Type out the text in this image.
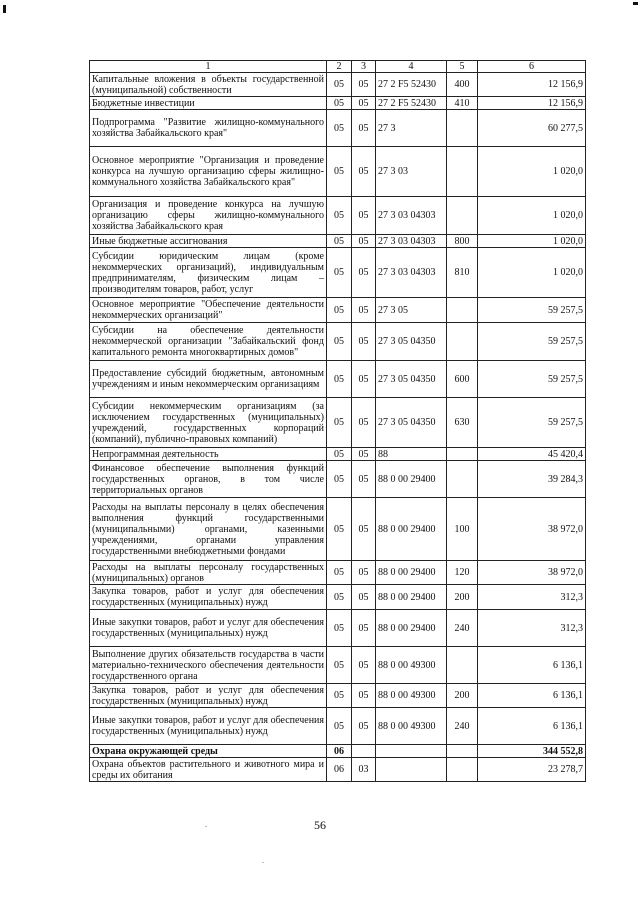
1	2	3	4	5	6
Капитальные вложения в объекты государственной (муниципальной) собственности	05	05	27 2 F5 52430	400	12 156,9
Бюджетные инвестиции	05	05	27 2 F5 52430	410	12 156,9
Подпрограмма "Развитие жилищно-коммунального хозяйства Забайкальского края"	05	05	27 3		60 277,5
Основное мероприятие "Организация и проведение конкурса на лучшую организацию сферы жилищно-коммунального хозяйства Забайкальского края"	05	05	27 3 03		1 020,0
Организация и проведение конкурса на лучшую организацию сферы жилищно-коммунального хозяйства Забайкальского края	05	05	27 3 03 04303		1 020,0
Иные бюджетные ассигнования	05	05	27 3 03 04303	800	1 020,0
Субсидии юридическим лицам (кроме некоммерческих организаций), индивидуальным предпринимателям, физическим лицам – производителям товаров, работ, услуг	05	05	27 3 03 04303	810	1 020,0
Основное мероприятие "Обеспечение деятельности некоммерческих организаций"	05	05	27 3 05		59 257,5
Субсидии на обеспечение деятельности некоммерческой организации "Забайкальский фонд капитального ремонта многоквартирных домов"	05	05	27 3 05 04350		59 257,5
Предоставление субсидий бюджетным, автономным учреждениям и иным некоммерческим организациям	05	05	27 3 05 04350	600	59 257,5
Субсидии некоммерческим организациям (за исключением государственных (муниципальных) учреждений, государственных корпораций (компаний), публично-правовых компаний)	05	05	27 3 05 04350	630	59 257,5
Непрограммная деятельность	05	05	88		45 420,4
Финансовое обеспечение выполнения функций государственных органов, в том числе территориальных органов	05	05	88 0 00 29400		39 284,3
Расходы на выплаты персоналу в целях обеспечения выполнения функций государственными (муниципальными) органами, казенными учреждениями, органами управления государственными внебюджетными фондами	05	05	88 0 00 29400	100	38 972,0
Расходы на выплаты персоналу государственных (муниципальных) органов	05	05	88 0 00 29400	120	38 972,0
Закупка товаров, работ и услуг для обеспечения государственных (муниципальных) нужд	05	05	88 0 00 29400	200	312,3
Иные закупки товаров, работ и услуг для обеспечения государственных (муниципальных) нужд	05	05	88 0 00 29400	240	312,3
Выполнение других обязательств государства в части материально-технического обеспечения деятельности государственного органа	05	05	88 0 00 49300		6 136,1
Закупка товаров, работ и услуг для обеспечения государственных (муниципальных) нужд	05	05	88 0 00 49300	200	6 136,1
Иные закупки товаров, работ и услуг для обеспечения государственных (муниципальных) нужд	05	05	88 0 00 49300	240	6 136,1
Охрана окружающей среды	06				344 552,8
Охрана объектов растительного и животного мира и среды их обитания	06	03			23 278,7
56
